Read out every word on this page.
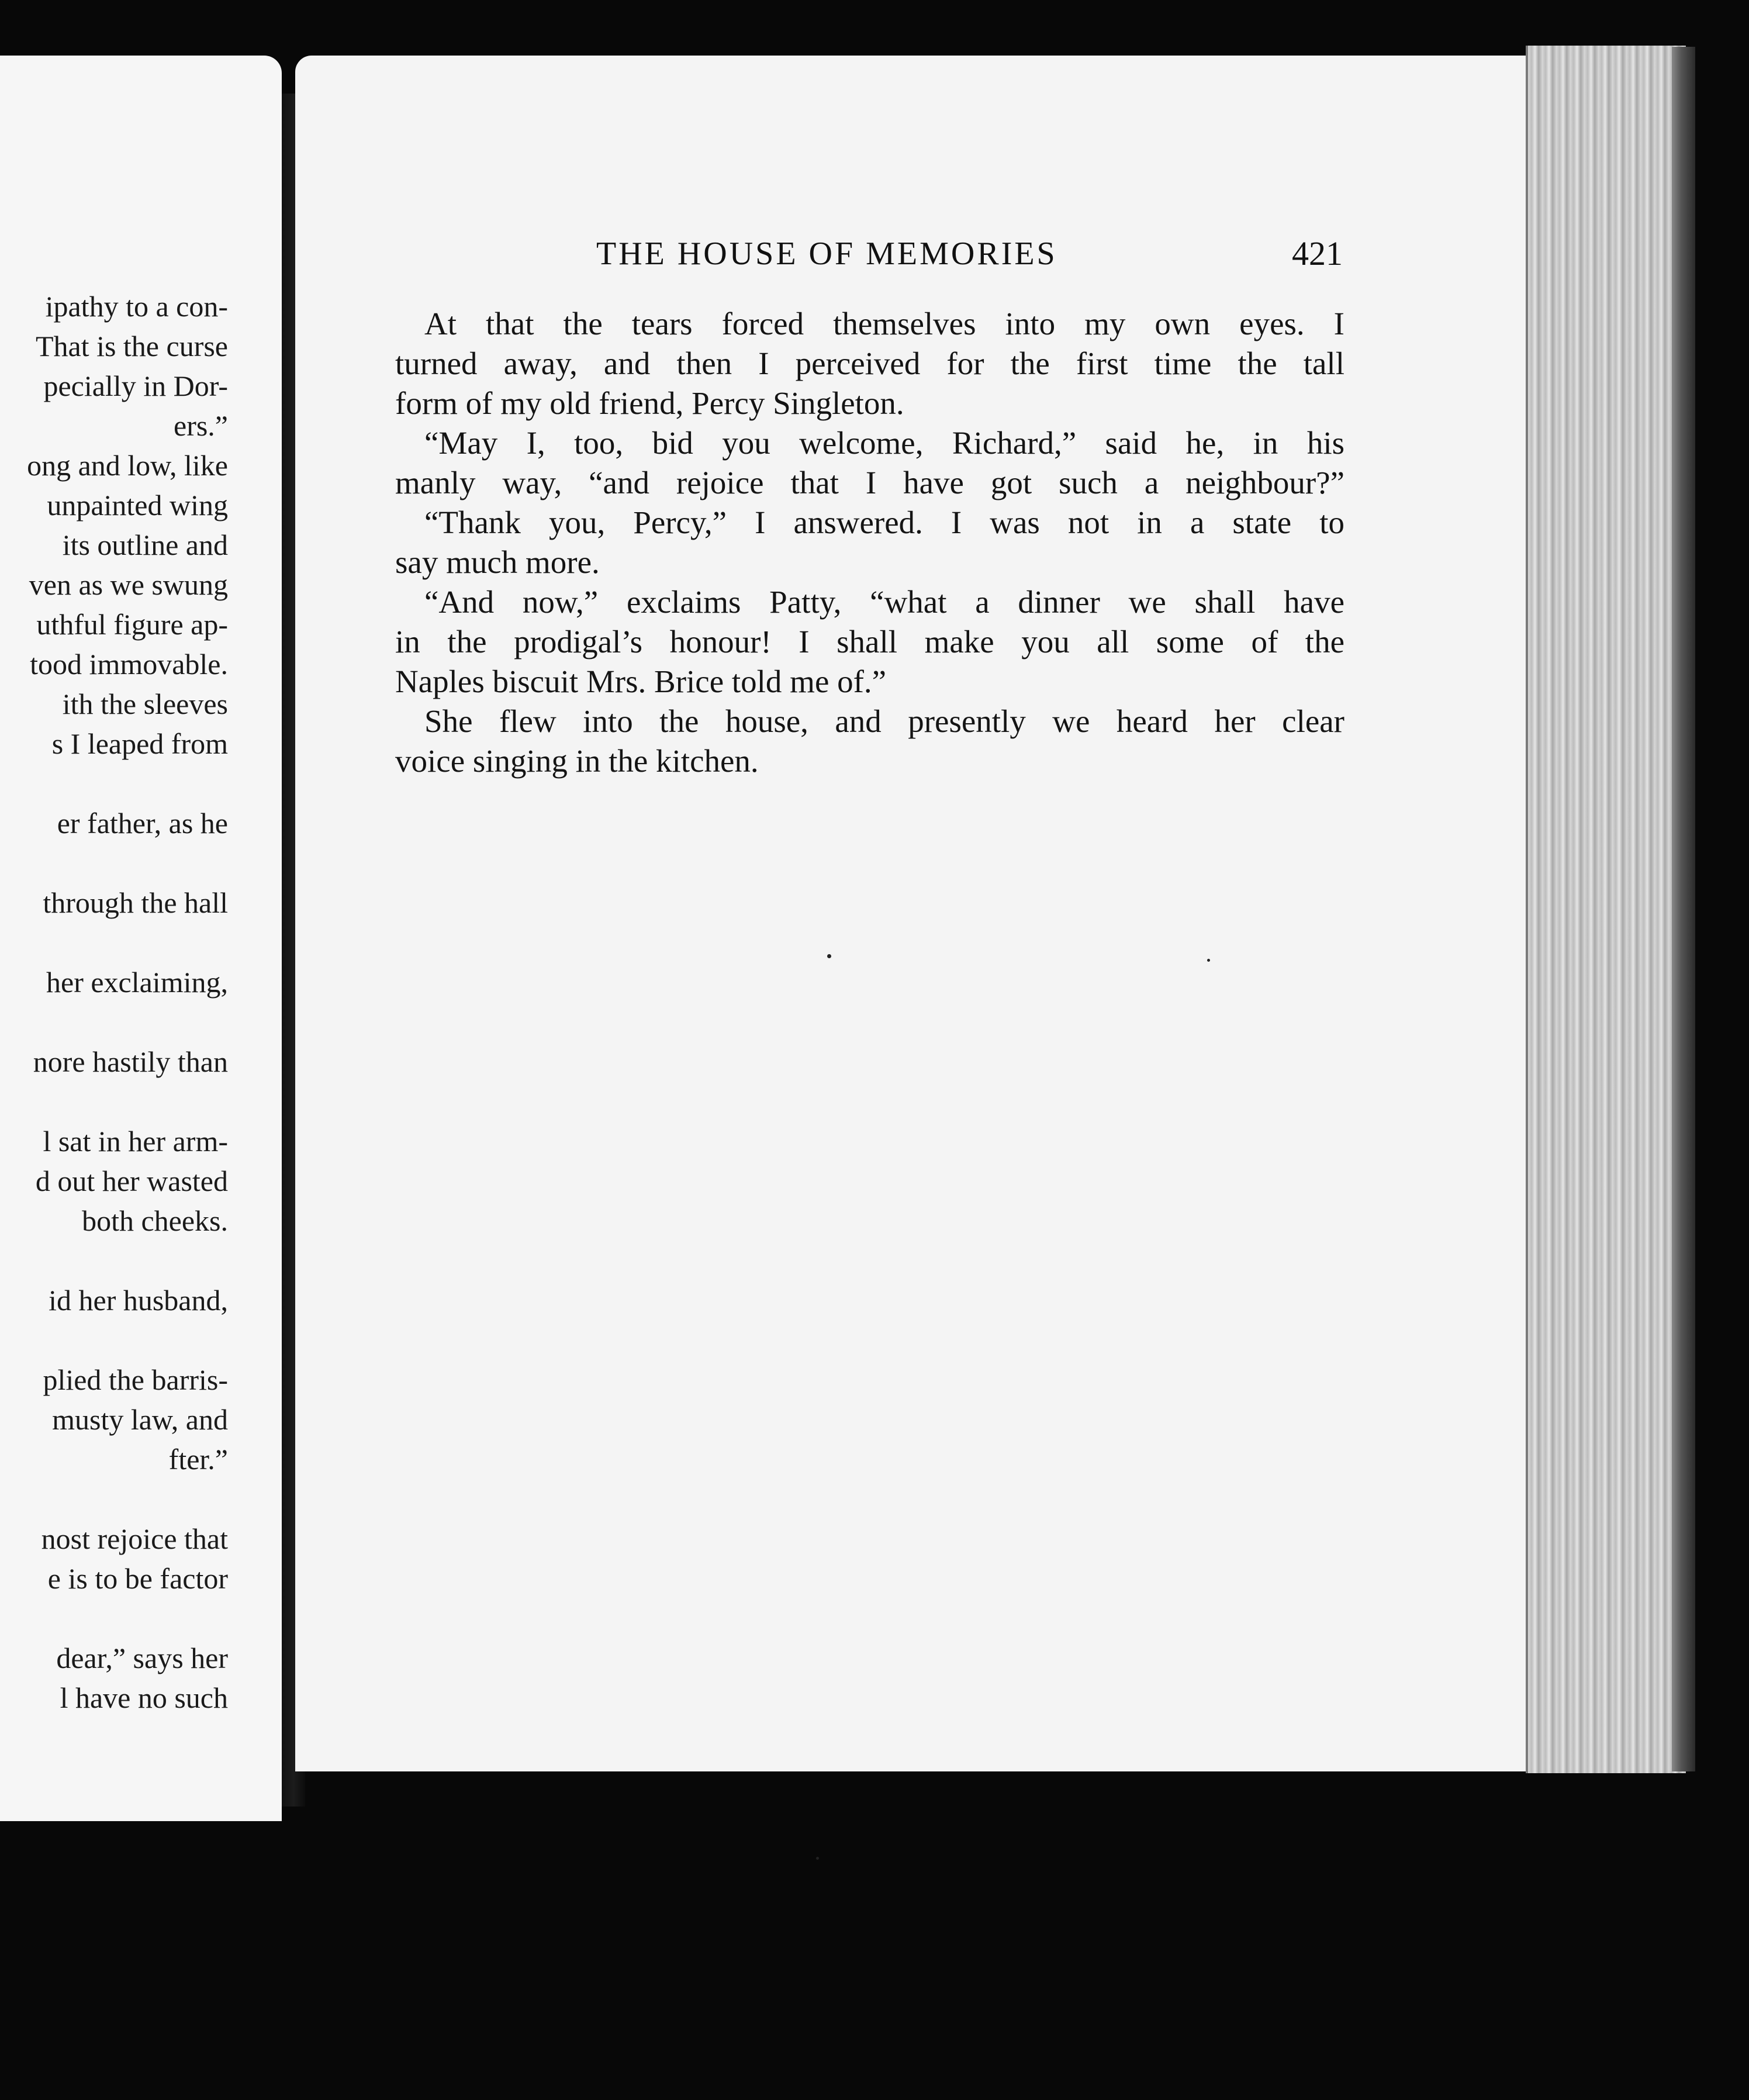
ipathy to a con-
That is the curse
pecially in Dor-
ers.”
ong and low, like
unpainted wing
its outline and
ven as we swung
uthful figure ap-
tood immovable.
ith the sleeves
s I leaped from
er father, as he
through the hall
her exclaiming,
nore hastily than
l sat in her arm-
d out her wasted
both cheeks.
id her husband,
plied the barris-
musty law, and
fter.”
nost rejoice that
e is to be factor
dear,” says her
l have no such
THE HOUSE OF MEMORIES	421
At that the tears forced themselves into my own eyes. I
turned away, and then I perceived for the first time the tall
form of my old friend, Percy Singleton.
“May I, too, bid you welcome, Richard,” said he, in his
manly way, “and rejoice that I have got such a neighbour?”
“Thank you, Percy,” I answered. I was not in a state to
say much more.
“And now,” exclaims Patty, “what a dinner we shall have
in the prodigal’s honour! I shall make you all some of the
Naples biscuit Mrs. Brice told me of.”
She flew into the house, and presently we heard her clear
voice singing in the kitchen.
